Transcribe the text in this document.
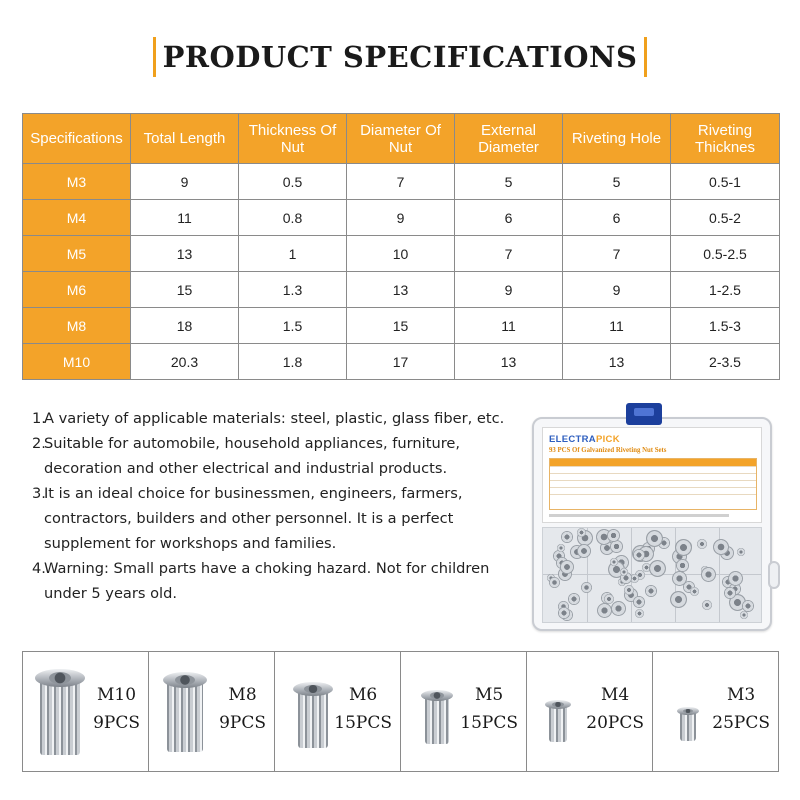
PRODUCT SPECIFICATIONS
Specifications	Total Length	Thickness Of Nut	Diameter Of Nut	External Diameter	Riveting Hole	Riveting Thicknes
M3	9	0.5	7	5	5	0.5-1
M4	11	0.8	9	6	6	0.5-2
M5	13	1	10	7	7	0.5-2.5
M6	15	1.3	13	9	9	1-2.5
M8	18	1.5	15	11	11	1.5-3
M10	20.3	1.8	17	13	13	2-3.5
1.
A variety of applicable materials: steel, plastic, glass fiber, etc.
2.
Suitable for automobile, household appliances, furniture, decoration and other electrical and industrial products.
3.
It is an ideal choice for businessmen, engineers, farmers, contractors, builders and other personnel. It is a perfect supplement for workshops and families.
4.
Warning: Small parts have a choking hazard. Not for children under 5 years old.
ELECTRAPICK
93 PCS Of Galvanized Riveting Nut Sets
M10
9PCS
M8
9PCS
M6
15PCS
M5
15PCS
M4
20PCS
M3
25PCS
